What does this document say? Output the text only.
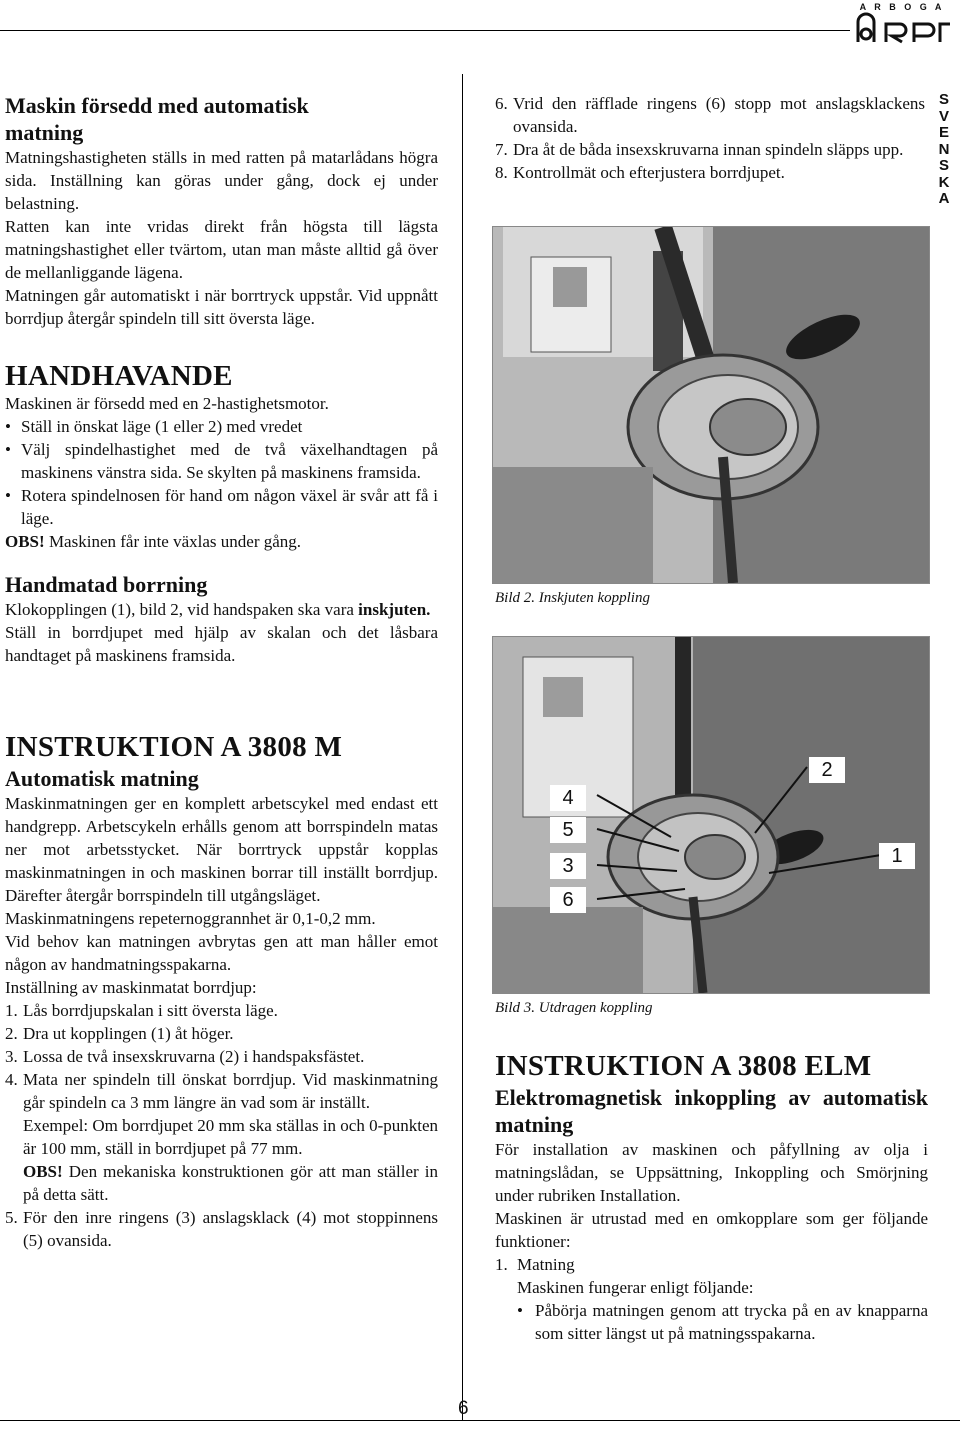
A R B O G A
SVENSKA
Maskin försedd med automatisk matning

Matningshastigheten ställs in med ratten på matarlådans högra sida. Inställning kan göras under gång, dock ej under belastning.

Ratten kan inte vridas direkt från högsta till lägsta matningshastighet eller tvärtom, utan man måste alltid gå över de mellanliggande lägena.

Matningen går automatiskt i när borrtryck uppstår. Vid uppnått borrdjup återgår spindeln till sitt översta läge.

HANDHAVANDE

Maskinen är försedd med en 2-hastighetsmotor.

• Ställ in önskat läge (1 eller 2) med vredet

• Välj spindelhastighet med de två växelhandtagen på maskinens vänstra sida. Se skylten på maskinens framsida.

• Rotera spindelnosen för hand om någon växel är svår att få i läge.

OBS! Maskinen får inte växlas under gång.

Handmatad borrning

Klokopplingen (1), bild 2, vid handspaken ska vara inskjuten.

Ställ in borrdjupet med hjälp av skalan och det låsbara handtaget på maskinens framsida.

INSTRUKTION A 3808 M
Automatisk matning

Maskinmatningen ger en komplett arbetscykel med endast ett handgrepp. Arbetscykeln erhålls genom att borrspindeln matas ner mot arbetsstycket. När borrtryck uppstår kopplas maskinmatningen in och maskinen borrar till inställt borrdjup. Därefter återgår borrspindeln till utgångsläget.

Maskinmatningens repeternoggrannhet är 0,1-0,2 mm.

Vid behov kan matningen avbrytas gen att man håller emot någon av handmatningsspakarna.

Inställning av maskinmatat borrdjup:

1. Lås borrdjupskalan i sitt översta läge.

2. Dra ut kopplingen (1) åt höger.

3. Lossa de två insexskruvarna (2) i handspaksfästet.

4. Mata ner spindeln till önskat borrdjup. Vid maskinmatning går spindeln ca 3 mm längre än vad som är inställt.

Exempel: Om borrdjupet 20 mm ska ställas in och 0-punkten är 100 mm, ställ in borrdjupet på 77 mm.

OBS! Den mekaniska konstruktionen gör att man ställer in på detta sätt.

5. För den inre ringens (3) anslagsklack (4) mot stoppinnens (5) ovansida.

6. Vrid den räfflade ringens (6) stopp mot anslagsklackens ovansida.

7. Dra åt de båda insexskruvarna innan spindeln släpps upp.

8. Kontrollmät och efterjustera borrdjupet.

Bild 2. Inskjuten koppling
2
4
5
1
3
6
Bild 3. Utdragen koppling
INSTRUKTION A 3808 ELM
Elektromagnetisk inkoppling av automatisk matning

För installation av maskinen och påfyllning av olja i matningslådan, se Uppsättning, Inkoppling och Smörjning under rubriken Installation.

Maskinen är utrustad med en omkopplare som ger följande funktioner:

1. Matning

Maskinen fungerar enligt följande:

• Påbörja matningen genom att trycka på en av knapparna som sitter längst ut på matningsspakarna.

6
